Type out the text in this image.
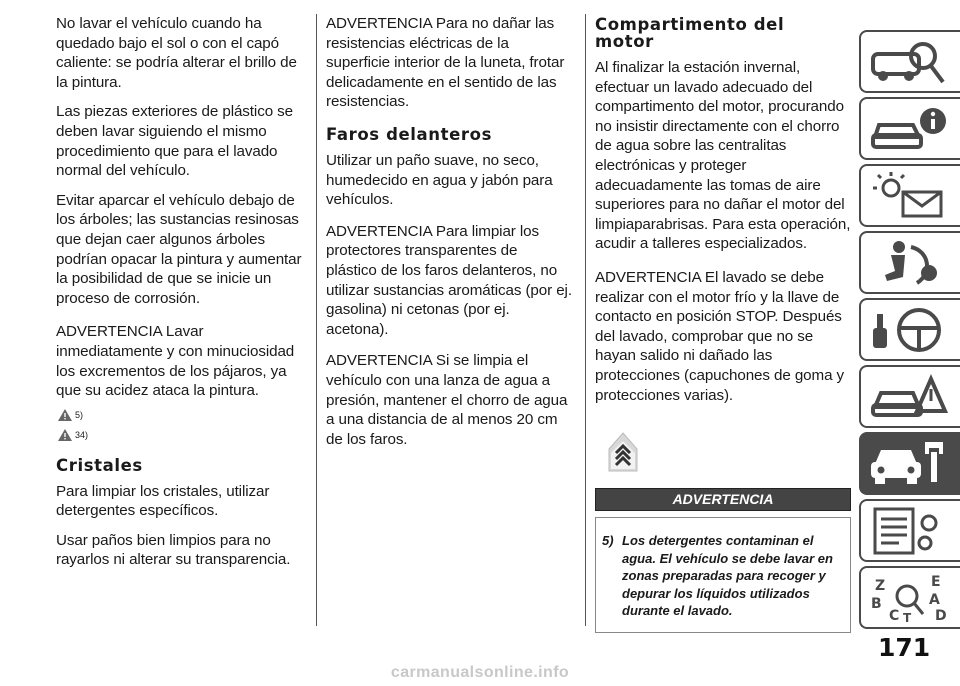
No lavar el vehículo cuando ha quedado bajo el sol o con el capó caliente: se podría alterar el brillo de la pintura.

Las piezas exteriores de plástico se deben lavar siguiendo el mismo procedimiento que para el lavado normal del vehículo.

Evitar aparcar el vehículo debajo de los árboles; las sustancias resinosas que dejan caer algunos árboles podrían opacar la pintura y aumentar la posibilidad de que se inicie un proceso de corrosión.

ADVERTENCIA Lavar inmediatamente y con minuciosidad los excrementos de los pájaros, ya que su acidez ataca la pintura.

5)
34)
Cristales

Para limpiar los cristales, utilizar detergentes específicos.

Usar paños bien limpios para no rayarlos ni alterar su transparencia.

ADVERTENCIA Para no dañar las resistencias eléctricas de la superficie interior de la luneta, frotar delicadamente en el sentido de las resistencias.

Faros delanteros

Utilizar un paño suave, no seco, humedecido en agua y jabón para vehículos.

ADVERTENCIA Para limpiar los protectores transparentes de plástico de los faros delanteros, no utilizar sustancias aromáticas (por ej. gasolina) ni cetonas (por ej. acetona).

ADVERTENCIA Si se limpia el vehículo con una lanza de agua a presión, mantener el chorro de agua a una distancia de al menos 20 cm de los faros.

Compartimento del motor

Al finalizar la estación invernal, efectuar un lavado adecuado del compartimento del motor, procurando no insistir directamente con el chorro de agua sobre las centralitas electrónicas y proteger adecuadamente las tomas de aire superiores para no dañar el motor del limpiaparabrisas. Para esta operación, acudir a talleres especializados.

ADVERTENCIA El lavado se debe realizar con el motor frío y la llave de contacto en posición STOP. Después del lavado, comprobar que no se hayan salido ni dañado las protecciones (capuchones de goma y protecciones varias).

ADVERTENCIA
5) Los detergentes contaminan el agua. El vehículo se debe lavar en zonas preparadas para recoger y depurar los líquidos utilizados durante el lavado.
Z	E
A
B
C T D
171
carmanualsonline.info
